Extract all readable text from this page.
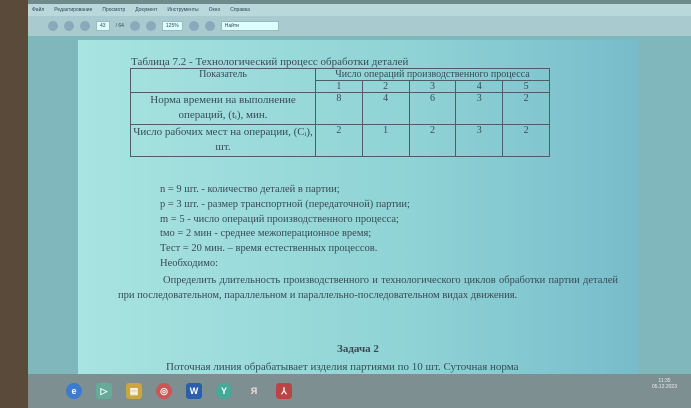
Файл Редактирование Просмотр Документ Инструменты Окно Справка
43	/ 64	125%	Найти
Таблица 7.2 - Технологический процесс обработки деталей
Показатель	Число операций производственного процесса				
	1	2	3	4	5
Норма времени на выполнение операций, (tᵢ), мин.	8	4	6	3	2
Число рабочих мест на операции, (Cᵢ), шт.	2	1	2	3	2
n = 9 шт. - количество деталей в партии;
p = 3 шт. - размер транспортной (передаточной) партии;
m = 5 - число операций производственного процесса;
tмо = 2 мин - среднее межоперационное время;
Тест = 20 мин. – время естественных процессов.
Необходимо:
Определить длительность производственного и технологического циклов обработки партии деталей при последовательном, параллельном и параллельно-последовательном видах движения.
Задача 2
Поточная линия обрабатывает изделия партиями по 10 шт. Суточная норма
e	▷	▤	◎	W	Y	Я	⅄
11:35
05.12.2023
